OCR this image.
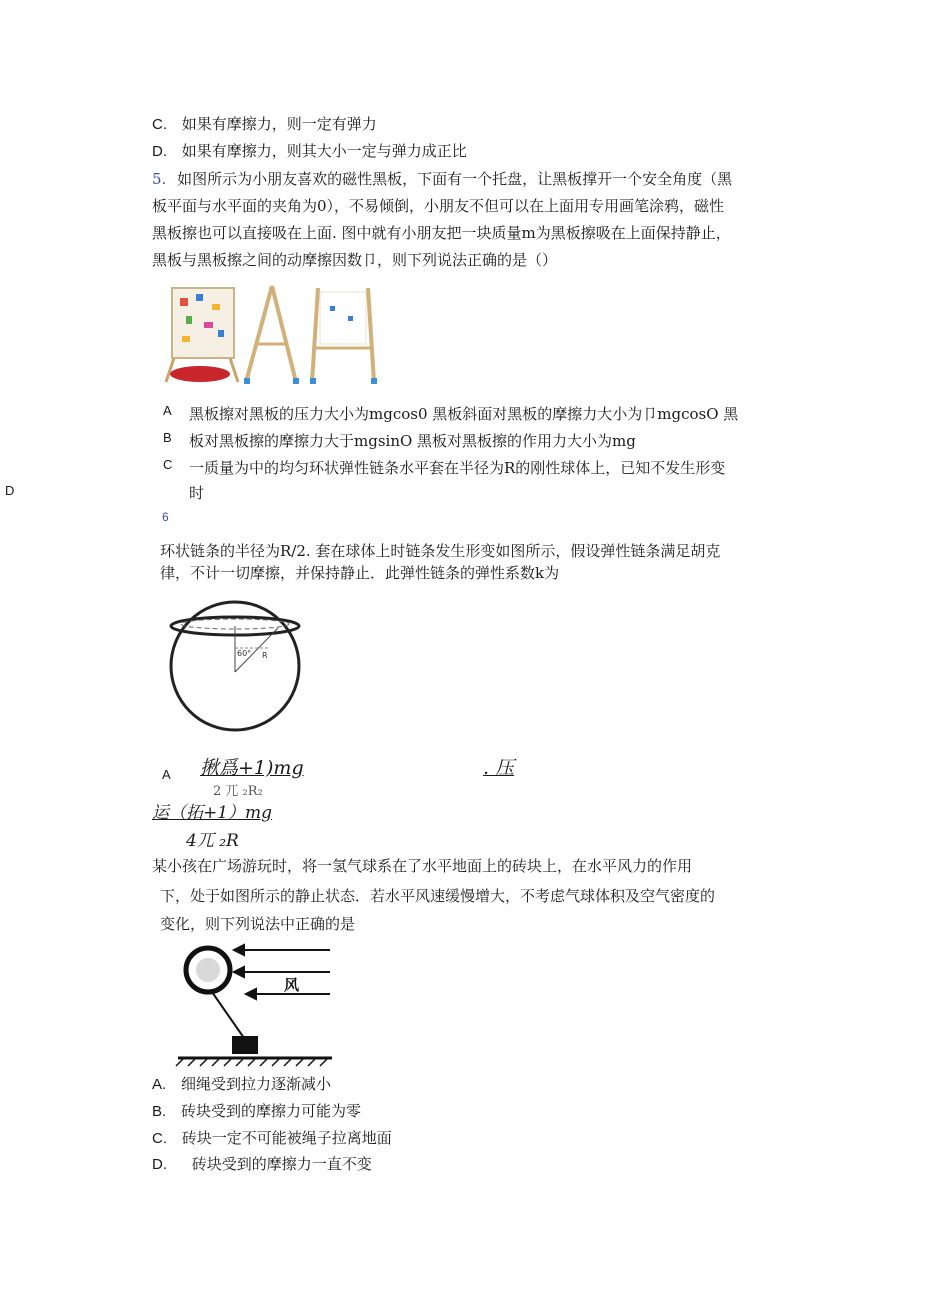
C. 如果有摩擦力，则一定有弹力
D. 如果有摩擦力，则其大小一定与弹力成正比
5. 如图所示为小朋友喜欢的磁性黑板，下面有一个托盘，让黑板撑开一个安全角度（黑
板平面与水平面的夹角为0），不易倾倒，小朋友不但可以在上面用专用画笔涂鸦，磁性
黑板擦也可以直接吸在上面. 图中就有小朋友把一块质量m为黑板擦吸在上面保持静止，
黑板与黑板擦之间的动摩擦因数卩，则下列说法正确的是（）
A
B
C
D
黑板擦对黑板的压力大小为mgcos0 黑板斜面对黑板的摩擦力大小为卩mgcosO 黑
板对黑板擦的摩擦力大于mgsinO 黑板对黑板擦的作用力大小为mg
一质量为中的均匀环状弹性链条水平套在半径为R的刚性球体上，已知不发生形变
时
6
环状链条的半径为R/2. 套在球体上时链条发生形变如图所示，假设弹性链条满足胡克
律，不计一切摩擦，并保持静止．此弹性链条的弹性系数k为
60° R
A 揪爲+1)mg
2 兀 ₂R₂
. 压
运（拓+1）mg
4兀 ₂R
某小孩在广场游玩时，将一氢气球系在了水平地面上的砖块上，在水平风力的作用
下，处于如图所示的静止状态．若水平风速缓慢增大，不考虑气球体积及空气密度的
变化，则下列说法中正确的是
风
A. 细绳受到拉力逐渐减小
B. 砖块受到的摩擦力可能为零
C. 砖块一定不可能被绳子拉离地面
D. 砖块受到的摩擦力一直不变
